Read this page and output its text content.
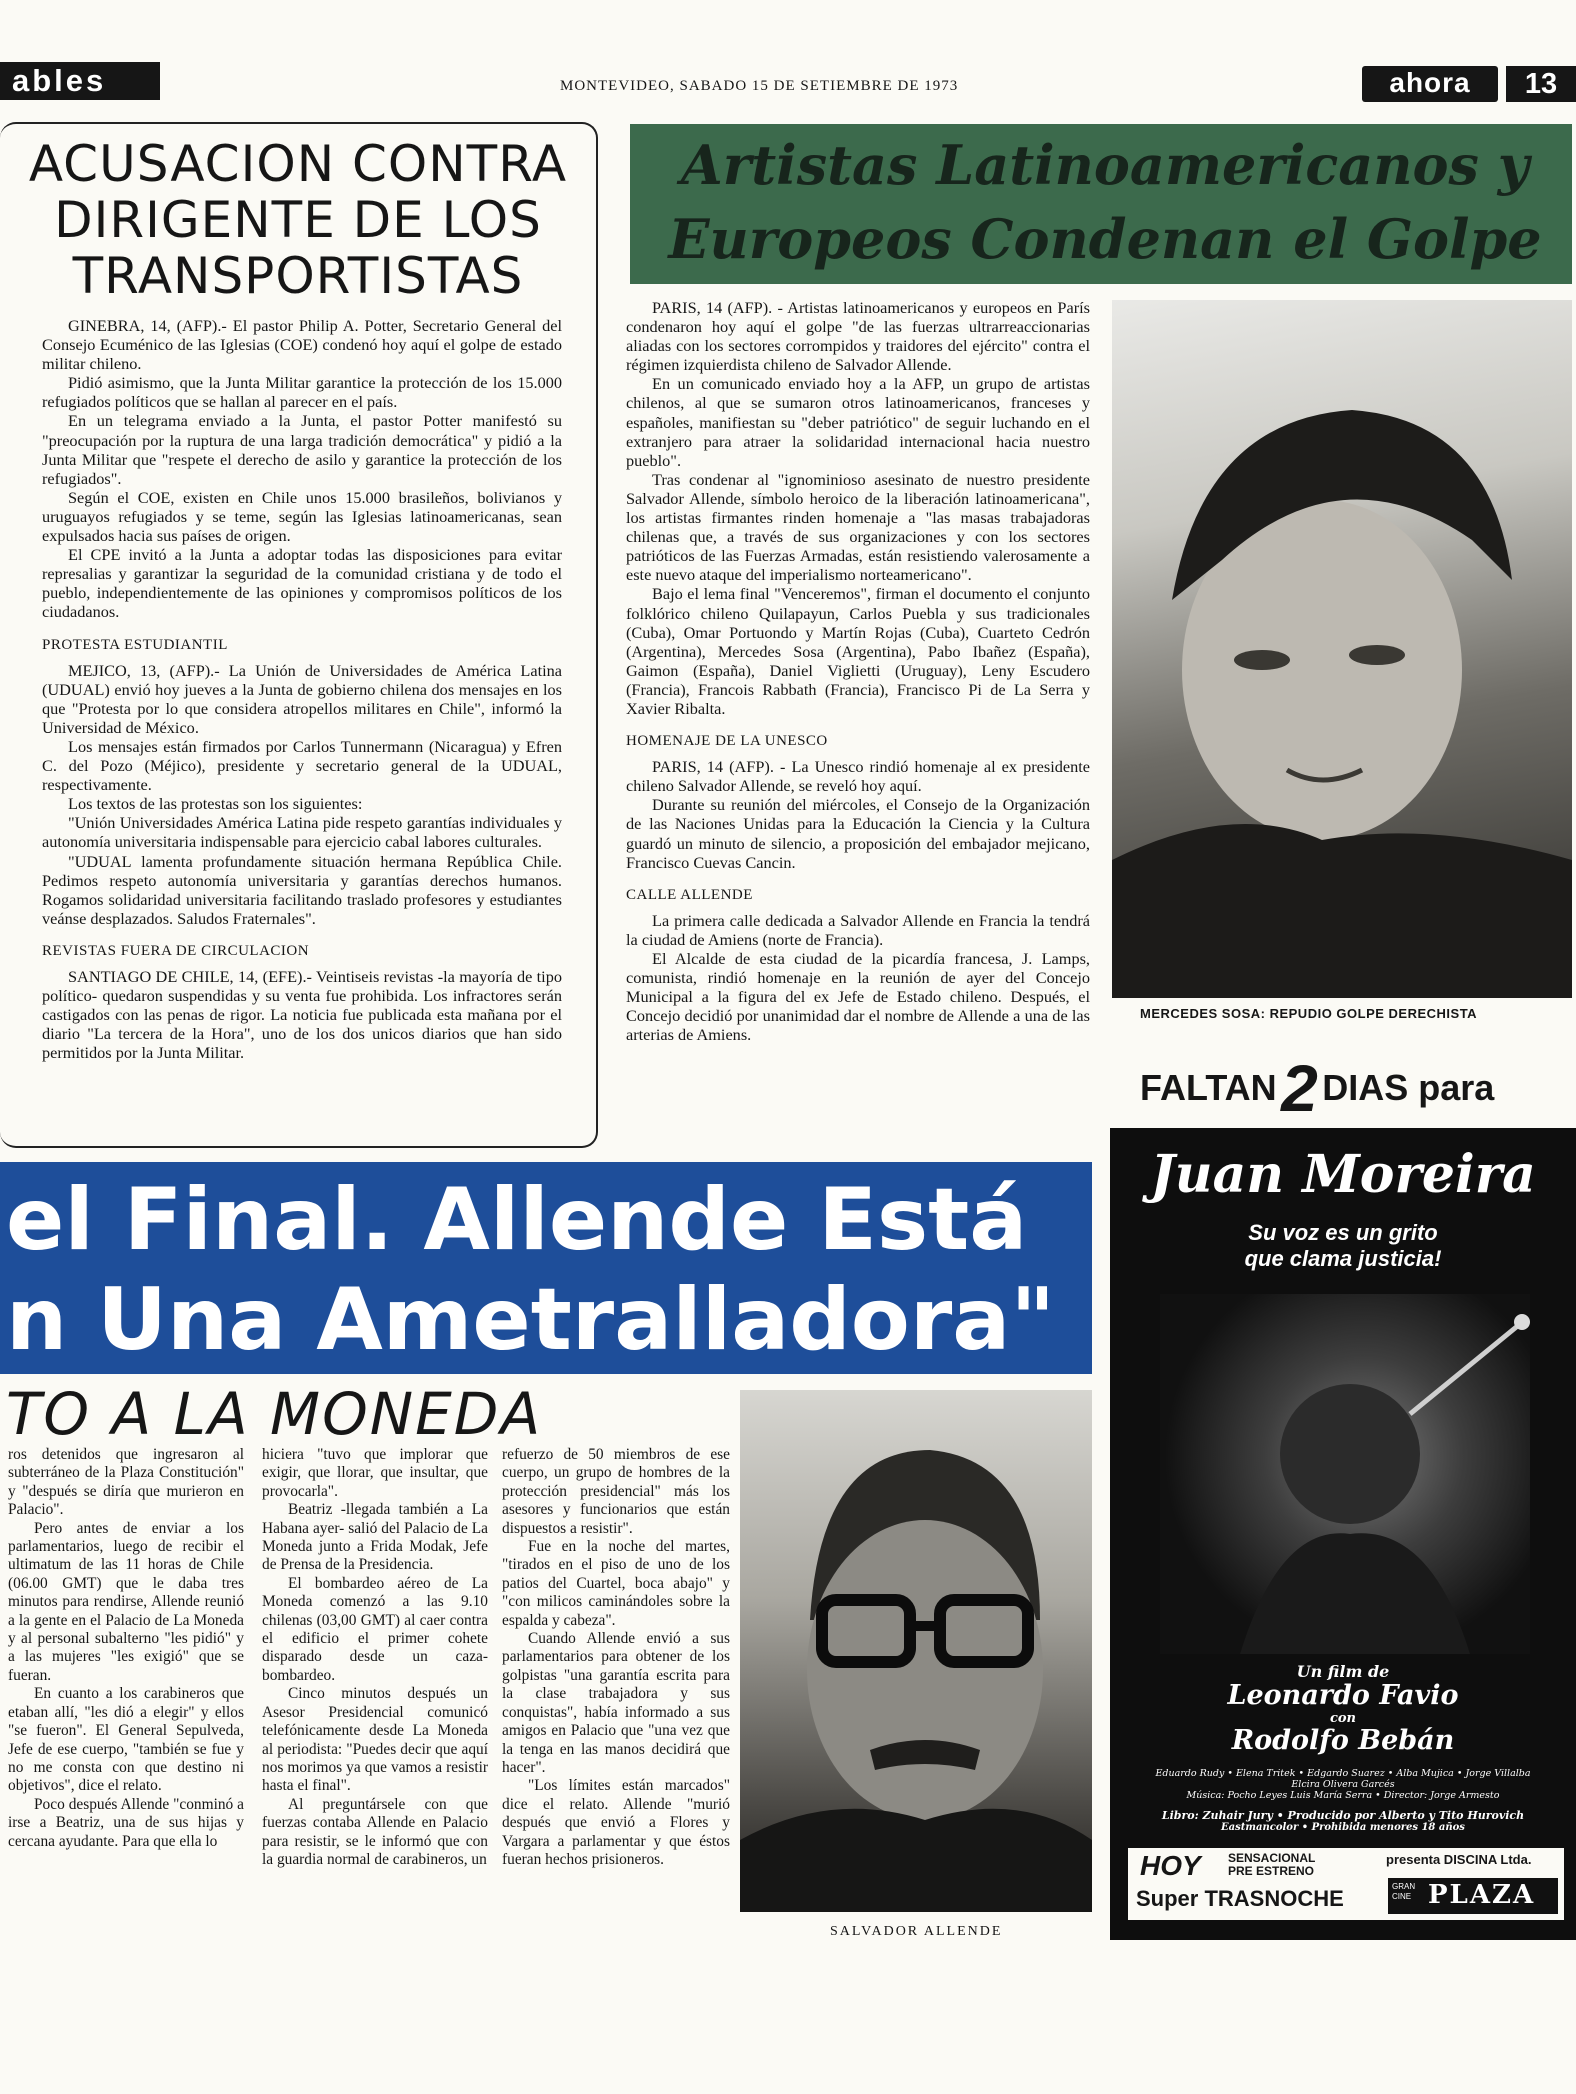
ables	MONTEVIDEO, SABADO 15 DE SETIEMBRE DE 1973	ahora	13
ACUSACION CONTRA
DIRIGENTE DE LOS
TRANSPORTISTAS

GINEBRA, 14, (AFP).- El pastor Philip A. Potter, Secretario General del Consejo Ecuménico de las Iglesias (COE) condenó hoy aquí el golpe de estado militar chileno.

Pidió asimismo, que la Junta Militar garantice la protección de los 15.000 refugiados políticos que se hallan al parecer en el país.

En un telegrama enviado a la Junta, el pastor Potter manifestó su "preocupación por la ruptura de una larga tradición democrática" y pidió a la Junta Militar que "respete el derecho de asilo y garantice la protección de los refugiados".

Según el COE, existen en Chile unos 15.000 brasileños, bolivianos y uruguayos refugiados y se teme, según las Iglesias latinoamericanas, sean expulsados hacia sus países de origen.

El CPE invitó a la Junta a adoptar todas las disposiciones para evitar represalias y garantizar la seguridad de la comunidad cristiana y de todo el pueblo, independientemente de las opiniones y compromisos políticos de los ciudadanos.

PROTESTA ESTUDIANTIL

MEJICO, 13, (AFP).- La Unión de Universidades de América Latina (UDUAL) envió hoy jueves a la Junta de gobierno chilena dos mensajes en los que "Protesta por lo que considera atropellos militares en Chile", informó la Universidad de México.

Los mensajes están firmados por Carlos Tunnermann (Nicaragua) y Efren C. del Pozo (Méjico), presidente y secretario general de la UDUAL, respectivamente.

Los textos de las protestas son los siguientes:

"Unión Universidades América Latina pide respeto garantías individuales y autonomía universitaria indispensable para ejercicio cabal labores culturales.

"UDUAL lamenta profundamente situación hermana República Chile. Pedimos respeto autonomía universitaria y garantías derechos humanos. Rogamos solidaridad universitaria facilitando traslado profesores y estudiantes veánse desplazados. Saludos Fraternales".

REVISTAS FUERA DE CIRCULACION

SANTIAGO DE CHILE, 14, (EFE).- Veintiseis revistas -la mayoría de tipo político- quedaron suspendidas y su venta fue prohibida. Los infractores serán castigados con las penas de rigor. La noticia fue publicada esta mañana por el diario "La tercera de la Hora", uno de los dos unicos diarios que han sido permitidos por la Junta Militar.

Artistas Latinoamericanos y
Europeos Condenan el Golpe

PARIS, 14 (AFP). - Artistas latinoamericanos y europeos en París condenaron hoy aquí el golpe "de las fuerzas ultrarreaccionarias aliadas con los sectores corrompidos y traidores del ejército" contra el régimen izquierdista chileno de Salvador Allende.

En un comunicado enviado hoy a la AFP, un grupo de artistas chilenos, al que se sumaron otros latinoamericanos, franceses y españoles, manifiestan su "deber patriótico" de seguir luchando en el extranjero para atraer la solidaridad internacional hacia nuestro pueblo".

Tras condenar al "ignominioso asesinato de nuestro presidente Salvador Allende, símbolo heroico de la liberación latinoamericana", los artistas firmantes rinden homenaje a "las masas trabajadoras chilenas que, a través de sus organizaciones y con los sectores patrióticos de las Fuerzas Armadas, están resistiendo valerosamente a este nuevo ataque del imperialismo norteamericano".

Bajo el lema final "Venceremos", firman el documento el conjunto folklórico chileno Quilapayun, Carlos Puebla y sus tradicionales (Cuba), Omar Portuondo y Martín Rojas (Cuba), Cuarteto Cedrón (Argentina), Mercedes Sosa (Argentina), Pabo Ibañez (España), Gaimon (España), Daniel Viglietti (Uruguay), Leny Escudero (Francia), Francois Rabbath (Francia), Francisco Pi de La Serra y Xavier Ribalta.

HOMENAJE DE LA UNESCO

PARIS, 14 (AFP). - La Unesco rindió homenaje al ex presidente chileno Salvador Allende, se reveló hoy aquí.

Durante su reunión del miércoles, el Consejo de la Organización de las Naciones Unidas para la Educación la Ciencia y la Cultura guardó un minuto de silencio, a proposición del embajador mejicano, Francisco Cuevas Cancin.

CALLE ALLENDE

La primera calle dedicada a Salvador Allende en Francia la tendrá la ciudad de Amiens (norte de Francia).

El Alcalde de esta ciudad de la picardía francesa, J. Lamps, comunista, rindió homenaje en la reunión de ayer del Concejo Municipal a la figura del ex Jefe de Estado chileno. Después, el Concejo decidió por unanimidad dar el nombre de Allende a una de las arterias de Amiens.

MERCEDES SOSA: REPUDIO GOLPE DERECHISTA
FALTAN 2 DIAS para
Juan Moreira
Su voz es un grito
que clama justicia!
Un film de
Leonardo Favio
con
Rodolfo Bebán
Eduardo Rudy • Elena Tritek • Edgardo Suarez • Alba Mujica • Jorge Villalba
Elcira Olivera Garcés
Música: Pocho Leyes Luis María Serra • Director: Jorge Armesto
Libro: Zuhair Jury • Producido por Alberto y Tito Hurovich
Eastmancolor • Prohibida menores 18 años
HOY SENSACIONAL
PRE ESTRENO
presenta DISCINA Ltda.
Super TRASNOCHE	GRAN
CINE PLAZA
el Final. Allende Está
n Una Ametralladora"
TO A LA MONEDA

ros detenidos que ingresaron al subterráneo de la Plaza Constitución" y "después se diría que murieron en Palacio".

Pero antes de enviar a los parlamentarios, luego de recibir el ultimatum de las 11 horas de Chile (06.00 GMT) que le daba tres minutos para rendirse, Allende reunió a la gente en el Palacio de La Moneda y al personal subalterno "les pidió" y a las mujeres "les exigió" que se fueran.

En cuanto a los carabineros que etaban allí, "les dió a elegir" y ellos "se fueron". El General Sepulveda, Jefe de ese cuerpo, "también se fue y no me consta con que destino ni objetivos", dice el relato.

Poco después Allende "conminó a irse a Beatriz, una de sus hijas y cercana ayudante. Para que ella lo

hiciera "tuvo que implorar que exigir, que llorar, que insultar, que provocarla".

Beatriz -llegada también a La Habana ayer- salió del Palacio de La Moneda junto a Frida Modak, Jefe de Prensa de la Presidencia.

El bombardeo aéreo de La Moneda comenzó a las 9.10 chilenas (03,00 GMT) al caer contra el edificio el primer cohete disparado desde un caza-bombardeo.

Cinco minutos después un Asesor Presidencial comunicó telefónicamente desde La Moneda al periodista: "Puedes decir que aquí nos morimos ya que vamos a resistir hasta el final".

Al preguntársele con que fuerzas contaba Allende en Palacio para resistir, se le informó que con la guardia normal de carabineros, un

refuerzo de 50 miembros de ese cuerpo, un grupo de hombres de la protección presidencial" más los asesores y funcionarios que están dispuestos a resistir".

Fue en la noche del martes, "tirados en el piso de uno de los patios del Cuartel, boca abajo" y "con milicos caminándoles sobre la espalda y cabeza".

Cuando Allende envió a sus parlamentarios para obtener de los golpistas "una garantía escrita para la clase trabajadora y sus conquistas", había informado a sus amigos en Palacio que "una vez que la tenga en las manos decidirá que hacer".

"Los límites están marcados" dice el relato. Allende "murió después que envió a Flores y Vargara a parlamentar y que éstos fueran hechos prisioneros.

SALVADOR ALLENDE
